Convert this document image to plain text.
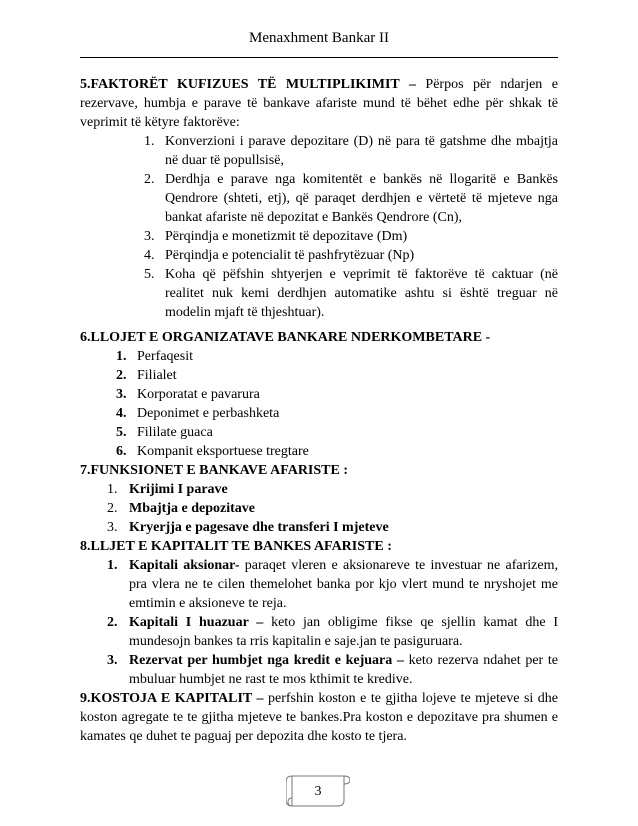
Menaxhment Bankar II

5.FAKTORËT KUFIZUES TË MULTIPLIKIMIT – Përpos për ndarjen e rezervave, humbja e parave të bankave afariste mund të bëhet edhe për shkak të veprimit të këtyre faktorëve:

1. Konverzioni i parave depozitare (D) në para të gatshme dhe mbajtja në duar të popullsisë,
2. Derdhja e parave nga komitentët e bankës në llogaritë e Bankës Qendrore (shteti, etj), që paraqet derdhjen e vërtetë të mjeteve nga bankat afariste në depozitat e Bankës Qendrore (Cn),
3. Përqindja e monetizmit të depozitave (Dm)
4. Përqindja e potencialit të pashfrytëzuar (Np)
5. Koha që pëfshin shtyerjen e veprimit të faktorëve të caktuar (në realitet nuk kemi derdhjen automatike ashtu si është treguar në modelin mjaft të thjeshtuar).
6.LLOJET E ORGANIZATAVE BANKARE NDERKOMBETARE -
1. Perfaqesit
2. Filialet
3. Korporatat e pavarura
4. Deponimet e perbashketa
5. Fililate guaca
6. Kompanit eksportuese tregtare
7.FUNKSIONET E BANKAVE AFARISTE :
1. Krijimi I parave
2. Mbajtja e depozitave
3. Kryerjja e pagesave dhe transferi I mjeteve
8.LLJET E KAPITALIT TE BANKES AFARISTE :
1. Kapitali aksionar- paraqet vleren e aksionareve te investuar ne afarizem, pra vlera ne te cilen themelohet banka por kjo vlert mund te nryshojet me emtimin e aksioneve te reja.
2. Kapitali I huazuar – keto jan obligime fikse qe sjellin kamat dhe I mundesojn bankes ta rris kapitalin e saje.jan te pasiguruara.
3. Rezervat per humbjet nga kredit e kejuara – keto rezerva ndahet per te mbuluar humbjet ne rast te mos kthimit te kredive.

9.KOSTOJA E KAPITALIT – perfshin koston e te gjitha lojeve te mjeteve si dhe koston agregate te te gjitha mjeteve te bankes.Pra koston e depozitave pra shumen e kamates qe duhet te paguaj per depozita dhe kosto te tjera.

3
